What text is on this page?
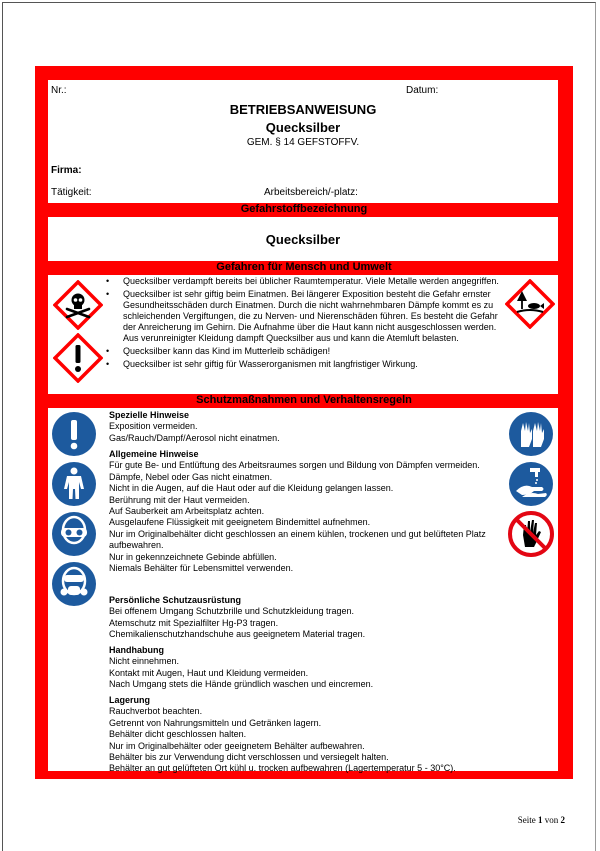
Nr.:	Datum:
BETRIEBSANWEISUNG
Quecksilber
GEM. § 14 GEFSTOFFV.
Firma:
Tätigkeit:	Arbeitsbereich/-platz:
Gefahrstoffbezeichnung
Quecksilber
Gefahren für Mensch und Umwelt
• Quecksilber verdampft bereits bei üblicher Raumtemperatur. Viele Metalle werden angegriffen.
• Quecksilber ist sehr giftig beim Einatmen. Bei längerer Exposition besteht die Gefahr ernster Gesundheitsschäden durch Einatmen. Durch die nicht wahrnehmbaren Dämpfe kommt es zu schleichenden Vergiftungen, die zu Nerven- und Nierenschäden führen. Es besteht die Gefahr der Anreicherung im Gehirn. Die Aufnahme über die Haut kann nicht ausgeschlossen werden. Aus verunreinigter Kleidung dampft Quecksilber aus und kann die Atemluft belasten.
• Quecksilber kann das Kind im Mutterleib schädigen!
• Quecksilber ist sehr giftig für Wasserorganismen mit langfristiger Wirkung.
Schutzmaßnahmen und Verhaltensregeln
Spezielle Hinweise
Exposition vermeiden.
Gas/Rauch/Dampf/Aerosol nicht einatmen.
Allgemeine Hinweise
Für gute Be- und Entlüftung des Arbeitsraumes sorgen und Bildung von Dämpfen vermeiden.
Dämpfe, Nebel oder Gas nicht einatmen.
Nicht in die Augen, auf die Haut oder auf die Kleidung gelangen lassen.
Berührung mit der Haut vermeiden.
Auf Sauberkeit am Arbeitsplatz achten.
Ausgelaufene Flüssigkeit mit geeignetem Bindemittel aufnehmen.
Nur im Originalbehälter dicht geschlossen an einem kühlen, trockenen und gut belüfteten Platz aufbewahren.
Nur in gekennzeichnete Gebinde abfüllen.
Niemals Behälter für Lebensmittel verwenden.
Persönliche Schutzausrüstung
Bei offenem Umgang Schutzbrille und Schutzkleidung tragen.
Atemschutz mit Spezialfilter Hg-P3 tragen.
Chemikalienschutzhandschuhe aus geeignetem Material tragen.
Handhabung
Nicht einnehmen.
Kontakt mit Augen, Haut und Kleidung vermeiden.
Nach Umgang stets die Hände gründlich waschen und eincremen.
Lagerung
Rauchverbot beachten.
Getrennt von Nahrungsmitteln und Getränken lagern.
Behälter dicht geschlossen halten.
Nur im Originalbehälter oder geeignetem Behälter aufbewahren.
Behälter bis zur Verwendung dicht verschlossen und versiegelt halten.
Behälter an gut gelüfteten Ort kühl u. trocken aufbewahren (Lagertemperatur 5 - 30°C).
Seite 1 von 2
